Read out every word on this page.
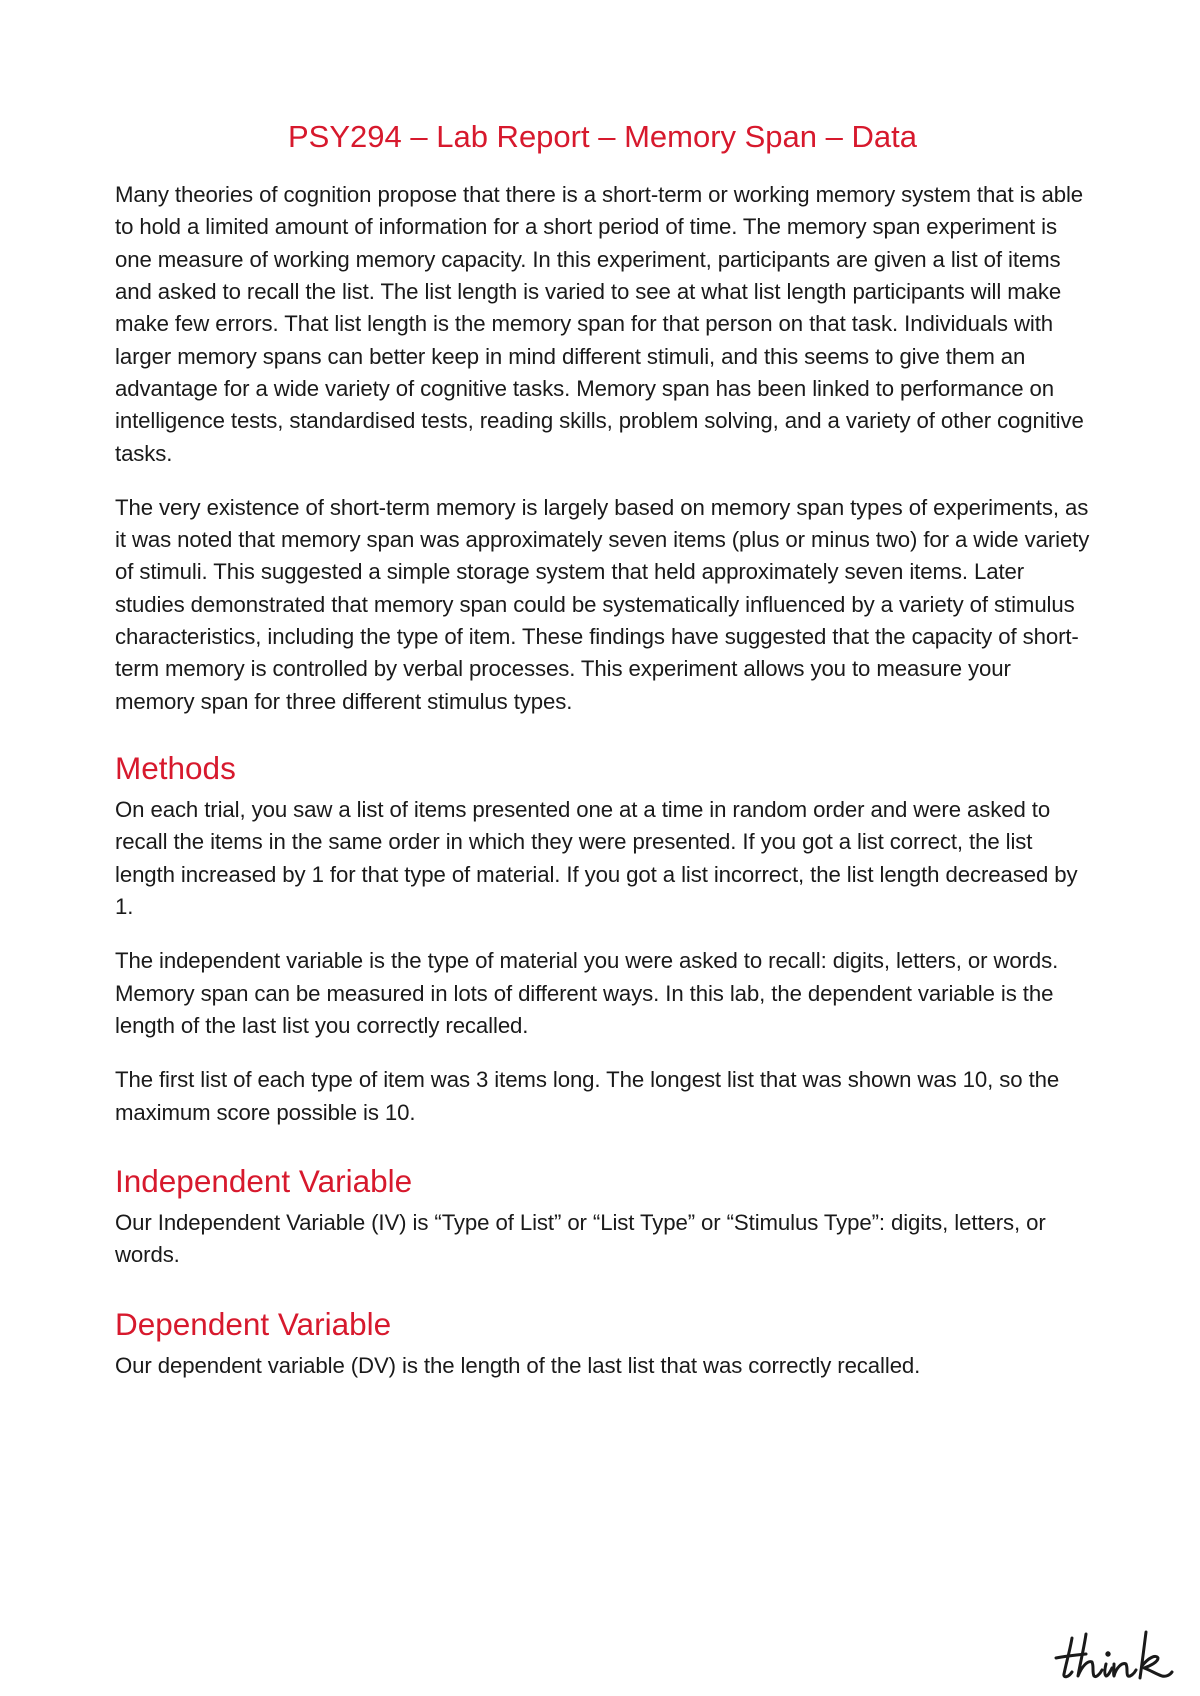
PSY294 – Lab Report – Memory Span – Data

Many theories of cognition propose that there is a short-term or working memory system that is able to hold a limited amount of information for a short period of time. The memory span experiment is one measure of working memory capacity. In this experiment, participants are given a list of items and asked to recall the list. The list length is varied to see at what list length participants will make make few errors. That list length is the memory span for that person on that task. Individuals with larger memory spans can better keep in mind different stimuli, and this seems to give them an advantage for a wide variety of cognitive tasks. Memory span has been linked to performance on intelligence tests, standardised tests, reading skills, problem solving, and a variety of other cognitive tasks.

The very existence of short-term memory is largely based on memory span types of experiments, as it was noted that memory span was approximately seven items (plus or minus two) for a wide variety of stimuli. This suggested a simple storage system that held approximately seven items. Later studies demonstrated that memory span could be systematically influenced by a variety of stimulus characteristics, including the type of item. These findings have suggested that the capacity of short-term memory is controlled by verbal processes. This experiment allows you to measure your memory span for three different stimulus types.

Methods

On each trial, you saw a list of items presented one at a time in random order and were asked to recall the items in the same order in which they were presented. If you got a list correct, the list length increased by 1 for that type of material. If you got a list incorrect, the list length decreased by 1.

The independent variable is the type of material you were asked to recall: digits, letters, or words. Memory span can be measured in lots of different ways. In this lab, the dependent variable is the length of the last list you correctly recalled.

The first list of each type of item was 3 items long. The longest list that was shown was 10, so the maximum score possible is 10.

Independent Variable

Our Independent Variable (IV) is “Type of List” or “List Type” or “Stimulus Type”: digits, letters, or words.

Dependent Variable

Our dependent variable (DV) is the length of the last list that was correctly recalled.
